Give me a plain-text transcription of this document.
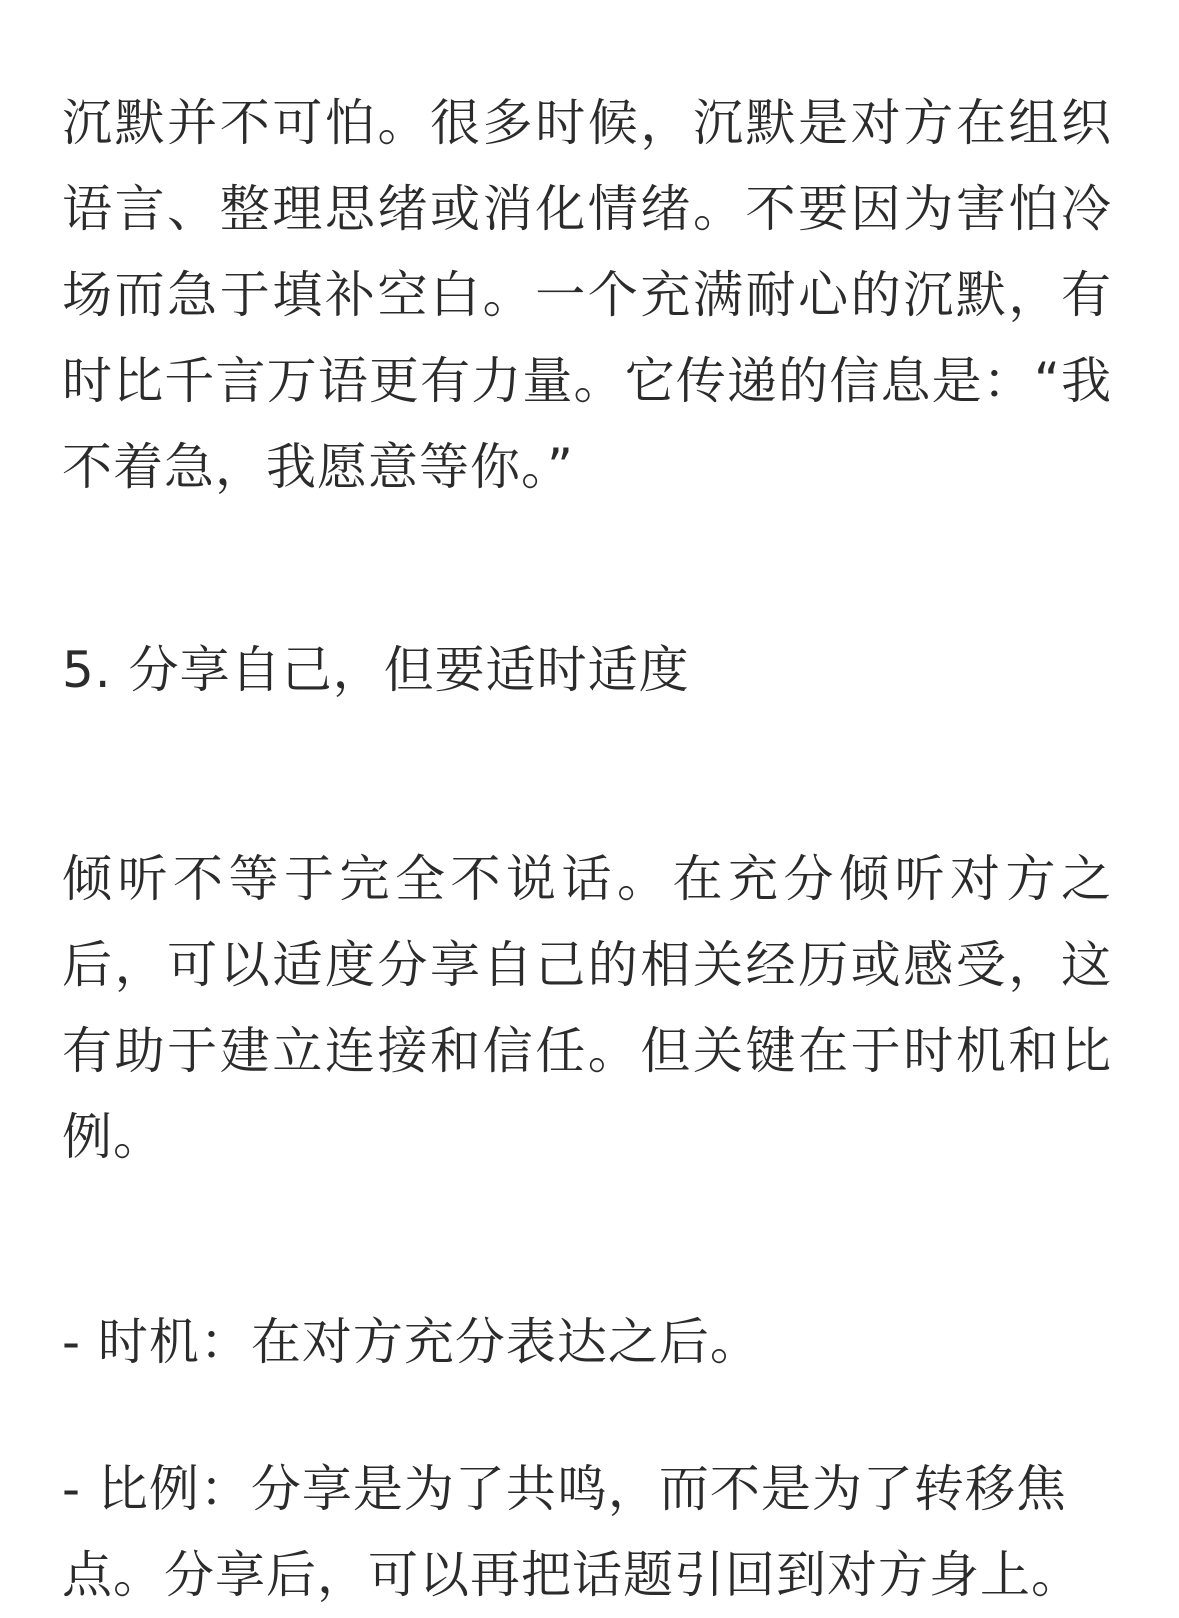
沉默并不可怕。很多时候，沉默是对方在组织语言、整理思绪或消化情绪。不要因为害怕冷场而急于填补空白。一个充满耐心的沉默，有时比千言万语更有力量。它传递的信息是：“我不着急，我愿意等你。”

5. 分享自己，但要适时适度

倾听不等于完全不说话。在充分倾听对方之后，可以适度分享自己的相关经历或感受，这有助于建立连接和信任。但关键在于时机和比例。

- 时机：在对方充分表达之后。

- 比例：分享是为了共鸣，而不是为了转移焦点。分享后，可以再把话题引回到对方身上。
